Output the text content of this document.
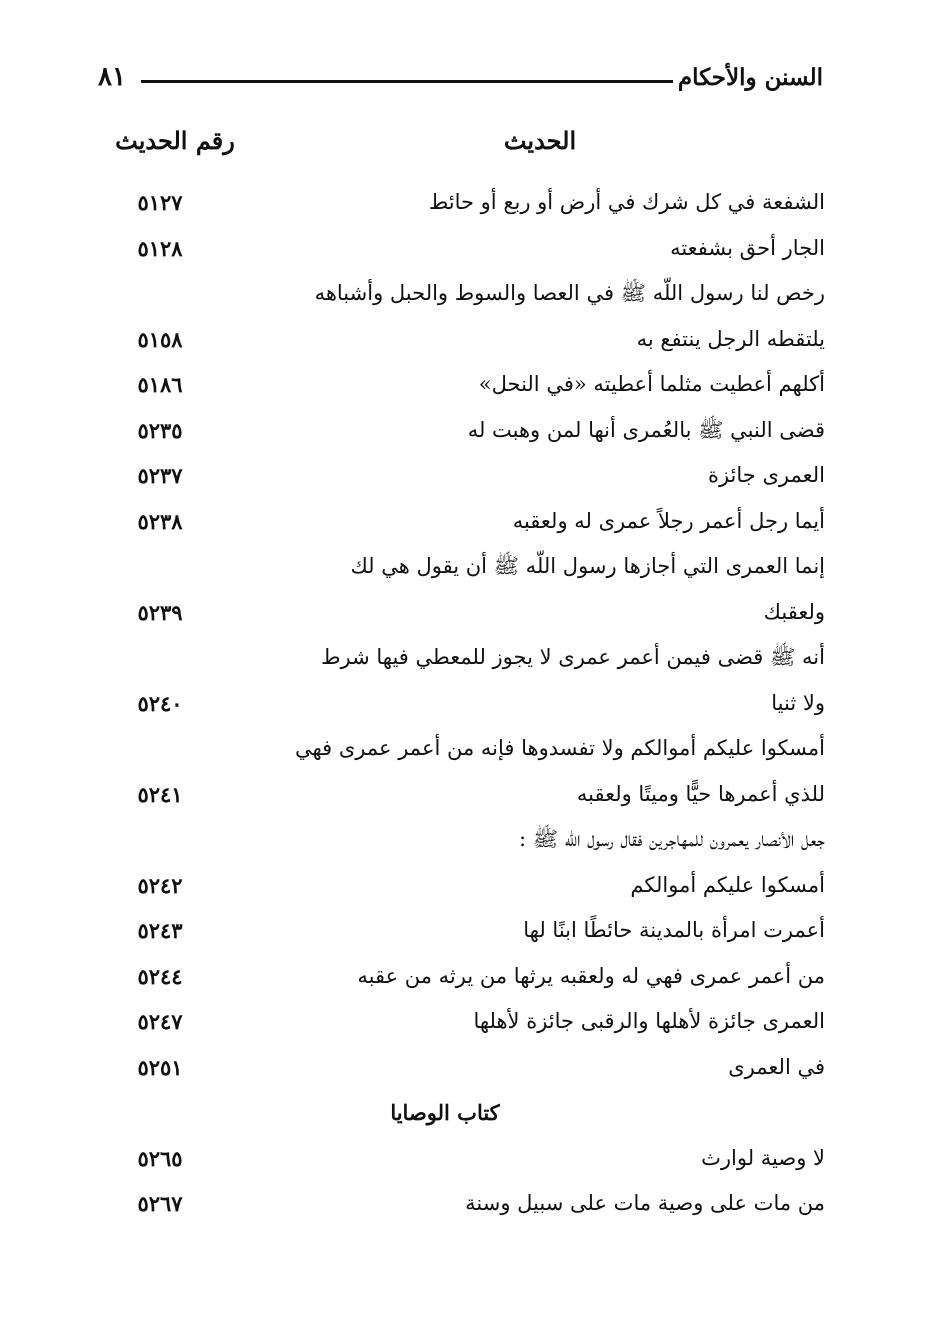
٨١	السنن والأحكام
الحديث
رقم الحديث
الشفعة في كل شرك في أرض أو ربع أو حائط
٥١٢٧
الجار أحق بشفعته
٥١٢٨
رخص لنا رسول اللّه ﷺ في العصا والسوط والحبل وأشباهه
يلتقطه الرجل ينتفع به
٥١٥٨
أكلهم أعطيت مثلما أعطيته «في النحل»
٥١٨٦
قضى النبي ﷺ بالعُمرى أنها لمن وهبت له
٥٢٣٥
العمرى جائزة
٥٢٣٧
أيما رجل أعمر رجلاً عمرى له ولعقبه
٥٢٣٨
إنما العمرى التي أجازها رسول اللّه ﷺ أن يقول هي لك
ولعقبك
٥٢٣٩
أنه ﷺ قضى فيمن أعمر عمرى لا يجوز للمعطي فيها شرط
ولا ثنيا
٥٢٤٠
أمسكوا عليكم أموالكم ولا تفسدوها فإنه من أعمر عمرى فهي
للذي أعمرها حيًّا وميتًا ولعقبه
٥٢٤١
جعل الأنصار يعمرون للمهاجرين فقال رسول اللّه ﷺ :
أمسكوا عليكم أموالكم
٥٢٤٢
أعمرت امرأة بالمدينة حائطًا ابنًا لها
٥٢٤٣
من أعمر عمرى فهي له ولعقبه يرثها من يرثه من عقبه
٥٢٤٤
العمرى جائزة لأهلها والرقبى جائزة لأهلها
٥٢٤٧
في العمرى
٥٢٥١
كتاب الوصايا
لا وصية لوارث
٥٢٦٥
من مات على وصية مات على سبيل وسنة
٥٢٦٧
